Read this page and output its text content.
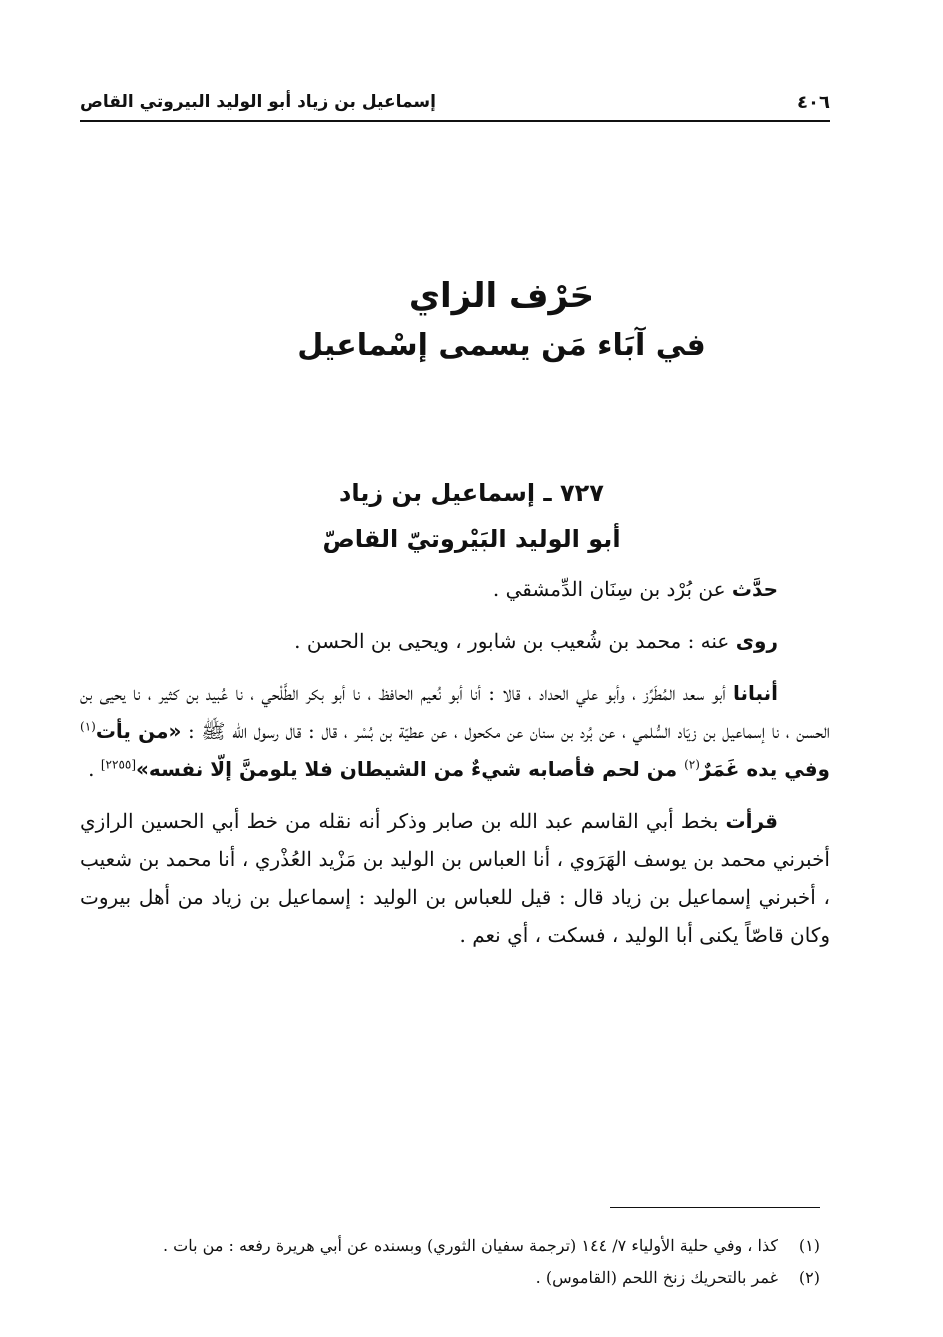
٤٠٦
إسماعيل بن زياد أبو الوليد البيروتي القاص
حَرْف الزاي
في آبَاء مَن يسمى إسْماعيل
٧٢٧ ـ إسماعيل بن زياد
أبو الوليد البَيْروتيّ القاصّ

حدَّث عن بُرْد بن سِنَان الدِّمشقي .

روى عنه : محمد بن شُعيب بن شابور ، ويحيى بن الحسن .

أنبانا أبو سعد المُطَرِّز ، وأبو علي الحداد ، قالا : أنا أبو نُعيم الحافظ ، نا أبو بكر الطَّلْحي ، نا عُبيد بن كثير ، نا يحيى بن الحسن ، نا إسماعيل بن زيَاد السُّلمي ، عن بُرد بن سنان عن مكحول ، عن عطيّة بن بُسْر ، قال : قال رسول الله ﷺ : «من يأت$^{(١)}$ وفي يده غَمَرٌ$^{(٢)}$ من لحم فأصابه شيءٌ من الشيطان فلا يلومنَّ إلّا نفسه»[٢٢٥٥] .

قرأت بخط أبي القاسم عبد الله بن صابر وذكر أنه نقله من خط أبي الحسين الرازي أخبرني محمد بن يوسف الهَرَوي ، أنا العباس بن الوليد بن مَزْيد العُذْري ، أنا محمد بن شعيب ، أخبرني إسماعيل بن زياد قال : قيل للعباس بن الوليد : إسماعيل بن زياد من أهل بيروت وكان قاصّاً يكنى أبا الوليد ، فسكت ، أي نعم .

(١)كذا ، وفي حلية الأولياء ٧/ ١٤٤ (ترجمة سفيان الثوري) وبسنده عن أبي هريرة رفعه : من بات .
(٢)غمر بالتحريك زنخ اللحم (القاموس) .
